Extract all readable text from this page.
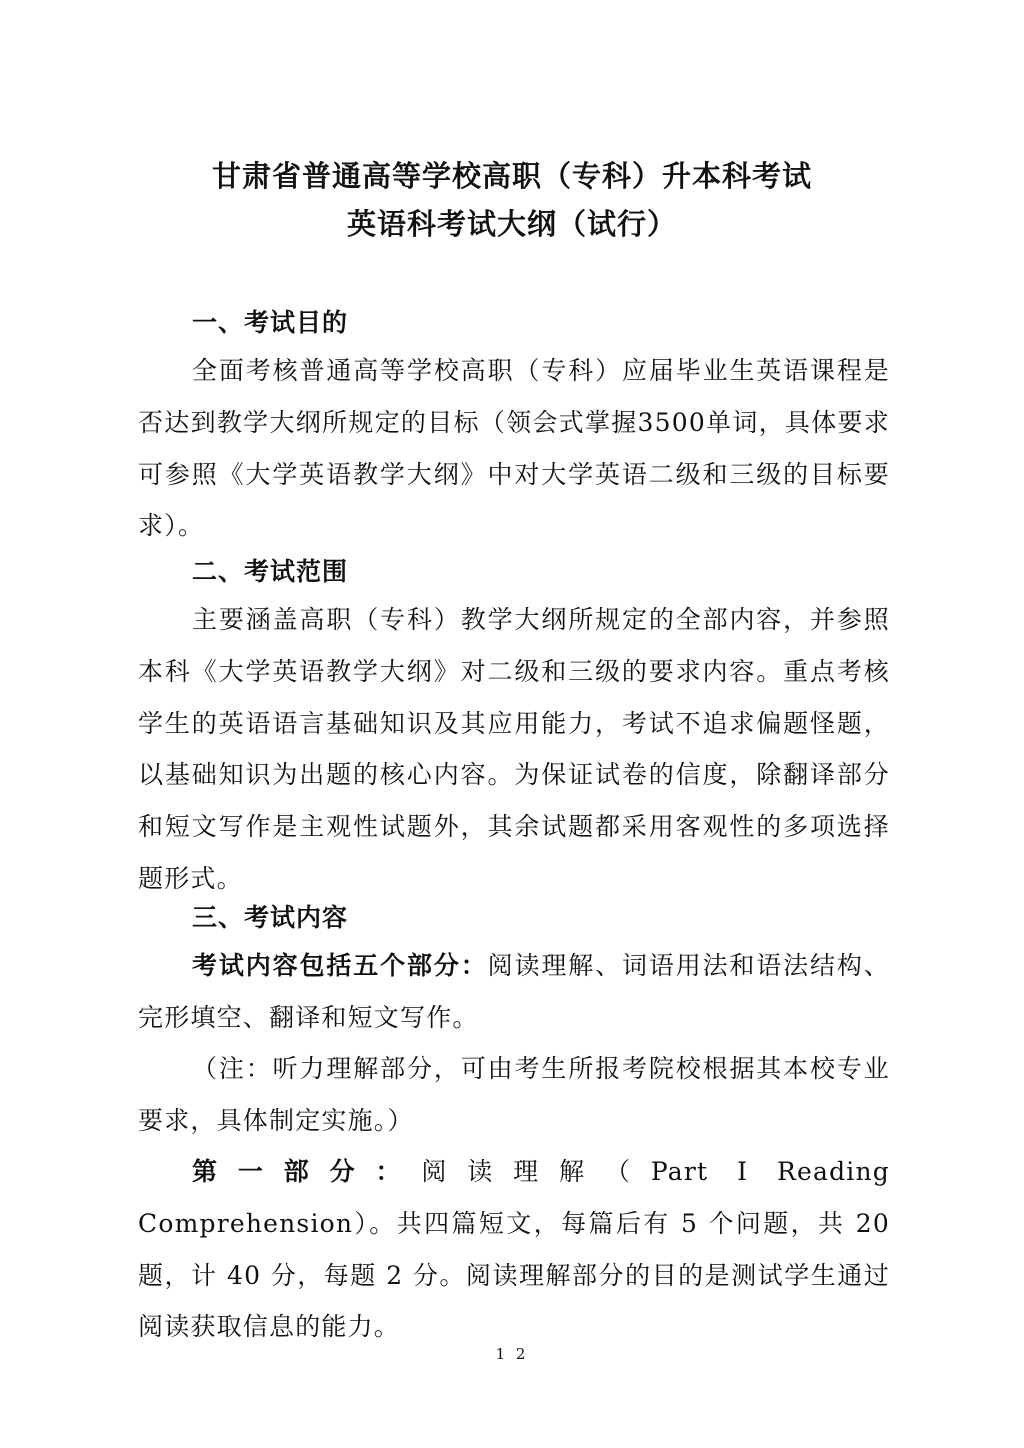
甘肃省普通高等学校高职（专科）升本科考试
英语科考试大纲（试行）
一、考试目的
全面考核普通高等学校高职（专科）应届毕业生英语课程是否达到教学大纲所规定的目标（领会式掌握3500单词，具体要求可参照《大学英语教学大纲》中对大学英语二级和三级的目标要求）。
二、考试范围
主要涵盖高职（专科）教学大纲所规定的全部内容，并参照本科《大学英语教学大纲》对二级和三级的要求内容。重点考核学生的英语语言基础知识及其应用能力，考试不追求偏题怪题，以基础知识为出题的核心内容。为保证试卷的信度，除翻译部分和短文写作是主观性试题外，其余试题都采用客观性的多项选择题形式。
三、考试内容
考试内容包括五个部分：阅读理解、词语用法和语法结构、完形填空、翻译和短文写作。
（注：听力理解部分，可由考生所报考院校根据其本校专业要求，具体制定实施。）
第一部分：阅读理解（Part I Reading Comprehension）。共四篇短文，每篇后有 5 个问题，共 20 题，计 40 分，每题 2 分。阅读理解部分的目的是测试学生通过阅读获取信息的能力。
1 2
